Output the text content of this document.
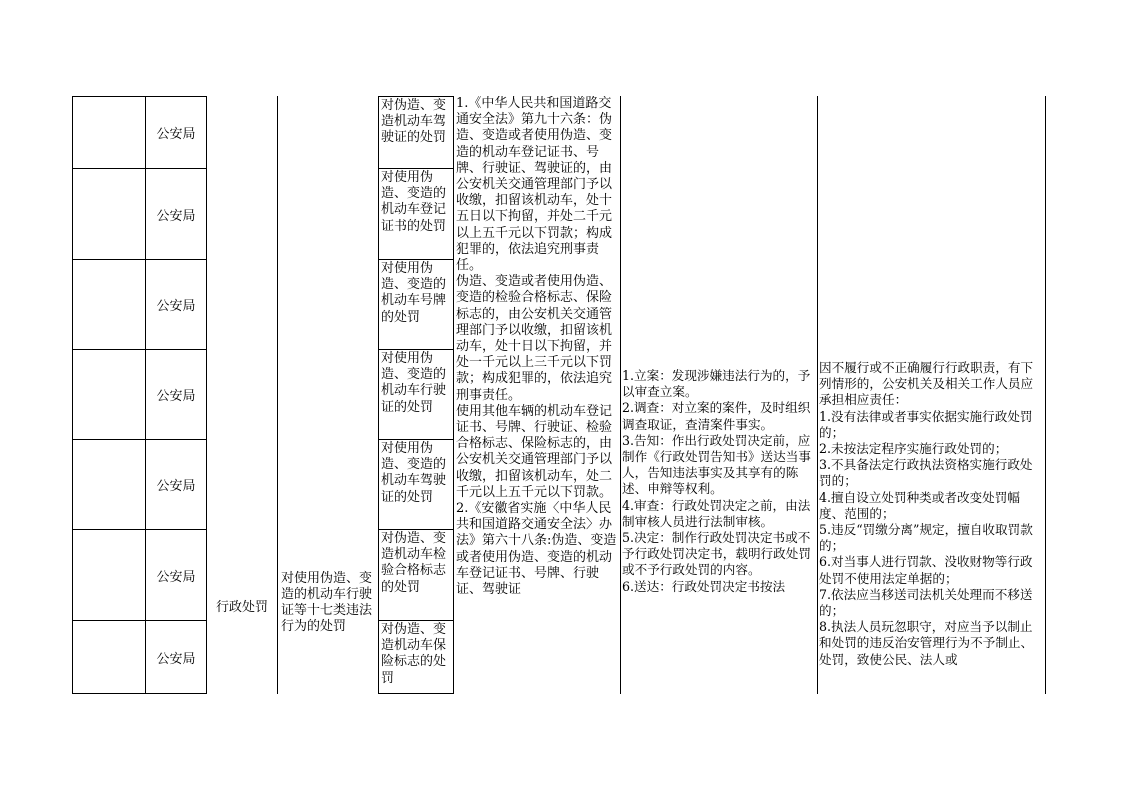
公安局
公安局
公安局
公安局
公安局
公安局
公安局
行政处罚
对使用伪造、变造的机动车行驶证等十七类违法行为的处罚
对伪造、变造机动车驾驶证的处罚
对使用伪造、变造的机动车登记证书的处罚
对使用伪造、变造的机动车号牌的处罚
对使用伪造、变造的机动车行驶证的处罚
对使用伪造、变造的机动车驾驶证的处罚
对伪造、变造机动车检验合格标志的处罚
对伪造、变造机动车保险标志的处罚
1.《中华人民共和国道路交通安全法》第九十六条：伪造、变造或者使用伪造、变造的机动车登记证书、号牌、行驶证、驾驶证的，由公安机关交通管理部门予以收缴，扣留该机动车，处十五日以下拘留，并处二千元以上五千元以下罚款；构成犯罪的，依法追究刑事责任。
伪造、变造或者使用伪造、变造的检验合格标志、保险标志的，由公安机关交通管理部门予以收缴，扣留该机动车，处十日以下拘留，并处一千元以上三千元以下罚款；构成犯罪的，依法追究刑事责任。
使用其他车辆的机动车登记证书、号牌、行驶证、检验合格标志、保险标志的，由公安机关交通管理部门予以收缴，扣留该机动车，处二千元以上五千元以下罚款。
2.《安徽省实施〈中华人民共和国道路交通安全法〉办法》第六十八条:伪造、变造或者使用伪造、变造的机动车登记证书、号牌、行驶证、驾驶证
1.立案：发现涉嫌违法行为的，予以审查立案。
2.调查：对立案的案件，及时组织调查取证，查清案件事实。
3.告知：作出行政处罚决定前，应制作《行政处罚告知书》送达当事人，告知违法事实及其享有的陈述、申辩等权利。
4.审查：行政处罚决定之前，由法制审核人员进行法制审核。
5.决定：制作行政处罚决定书或不予行政处罚决定书，载明行政处罚或不予行政处罚的内容。
6.送达：行政处罚决定书按法
因不履行或不正确履行行政职责，有下列情形的，公安机关及相关工作人员应承担相应责任：
1.没有法律或者事实依据实施行政处罚的；
2.未按法定程序实施行政处罚的；
3.不具备法定行政执法资格实施行政处罚的；
4.擅自设立处罚种类或者改变处罚幅度、范围的；
5.违反“罚缴分离”规定，擅自收取罚款的；
6.对当事人进行罚款、没收财物等行政处罚不使用法定单据的；
7.依法应当移送司法机关处理而不移送的；
8.执法人员玩忽职守，对应当予以制止和处罚的违反治安管理行为不予制止、处罚，致使公民、法人或
